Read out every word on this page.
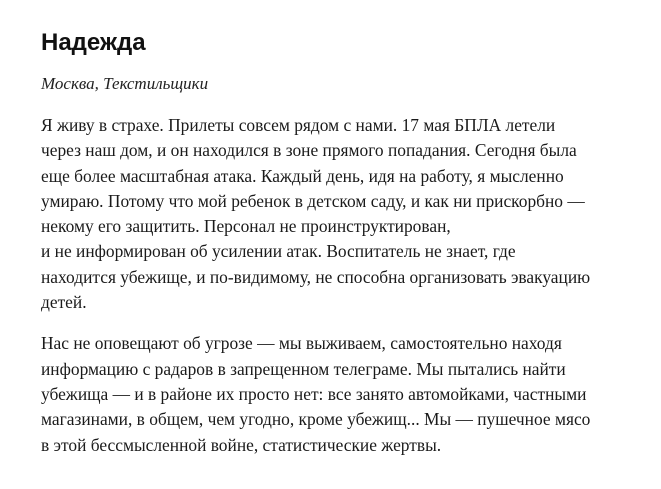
Надежда
Москва, Текстильщики

Я живу в страхе. Прилеты совсем рядом с нами. 17 мая БПЛА летели
через наш дом, и он находился в зоне прямого попадания. Сегодня была
еще более масштабная атака. Каждый день, идя на работу, я мысленно
умираю. Потому что мой ребенок в детском саду, и как ни прискорбно —
некому его защитить. Персонал не проинструктирован,
и не информирован об усилении атак. Воспитатель не знает, где
находится убежище, и по-видимому, не способна организовать эвакуацию
детей.

Нас не оповещают об угрозе — мы выживаем, самостоятельно находя
информацию с радаров в запрещенном телеграме. Мы пытались найти
убежища — и в районе их просто нет: все занято автомойками, частными
магазинами, в общем, чем угодно, кроме убежищ... Мы — пушечное мясо
в этой бессмысленной войне, статистические жертвы.
